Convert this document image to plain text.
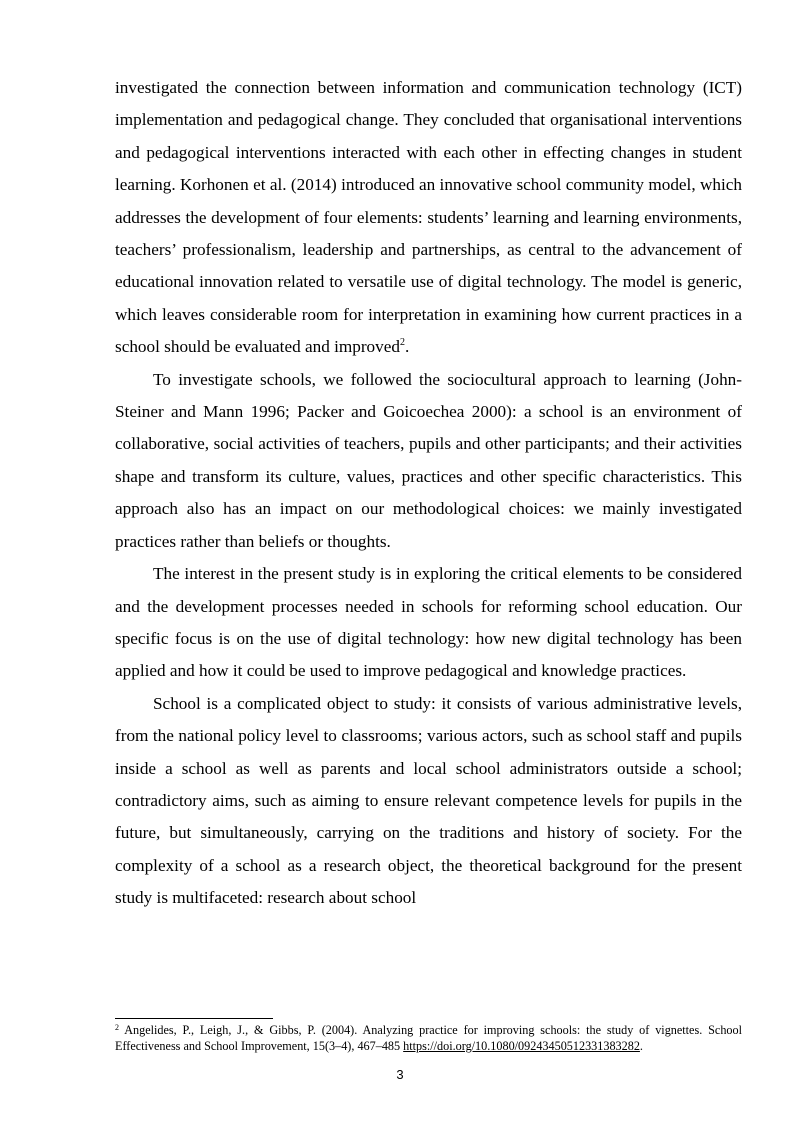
investigated the connection between information and communication technology (ICT) implementation and pedagogical change. They concluded that organisational interventions and pedagogical interventions interacted with each other in effecting changes in student learning. Korhonen et al. (2014) introduced an innovative school community model, which addresses the development of four elements: students’ learning and learning environments, teachers’ professionalism, leadership and partnerships, as central to the advancement of educational innovation related to versatile use of digital technology. The model is generic, which leaves considerable room for interpretation in examining how current practices in a school should be evaluated and improved$^2$.

To investigate schools, we followed the sociocultural approach to learning (John-Steiner and Mann 1996; Packer and Goicoechea 2000): a school is an environment of collaborative, social activities of teachers, pupils and other participants; and their activities shape and transform its culture, values, practices and other specific characteristics. This approach also has an impact on our methodological choices: we mainly investigated practices rather than beliefs or thoughts.

The interest in the present study is in exploring the critical elements to be considered and the development processes needed in schools for reforming school education. Our specific focus is on the use of digital technology: how new digital technology has been applied and how it could be used to improve pedagogical and knowledge practices.

School is a complicated object to study: it consists of various administrative levels, from the national policy level to classrooms; various actors, such as school staff and pupils inside a school as well as parents and local school administrators outside a school; contradictory aims, such as aiming to ensure relevant competence levels for pupils in the future, but simultaneously, carrying on the traditions and history of society. For the complexity of a school as a research object, the theoretical background for the present study is multifaceted: research about school

$^2$ Angelides, P., Leigh, J., & Gibbs, P. (2004). Analyzing practice for improving schools: the study of vignettes. School Effectiveness and School Improvement, 15(3–4), 467–485 https://doi.org/10.1080/09243450512331383282.

3
